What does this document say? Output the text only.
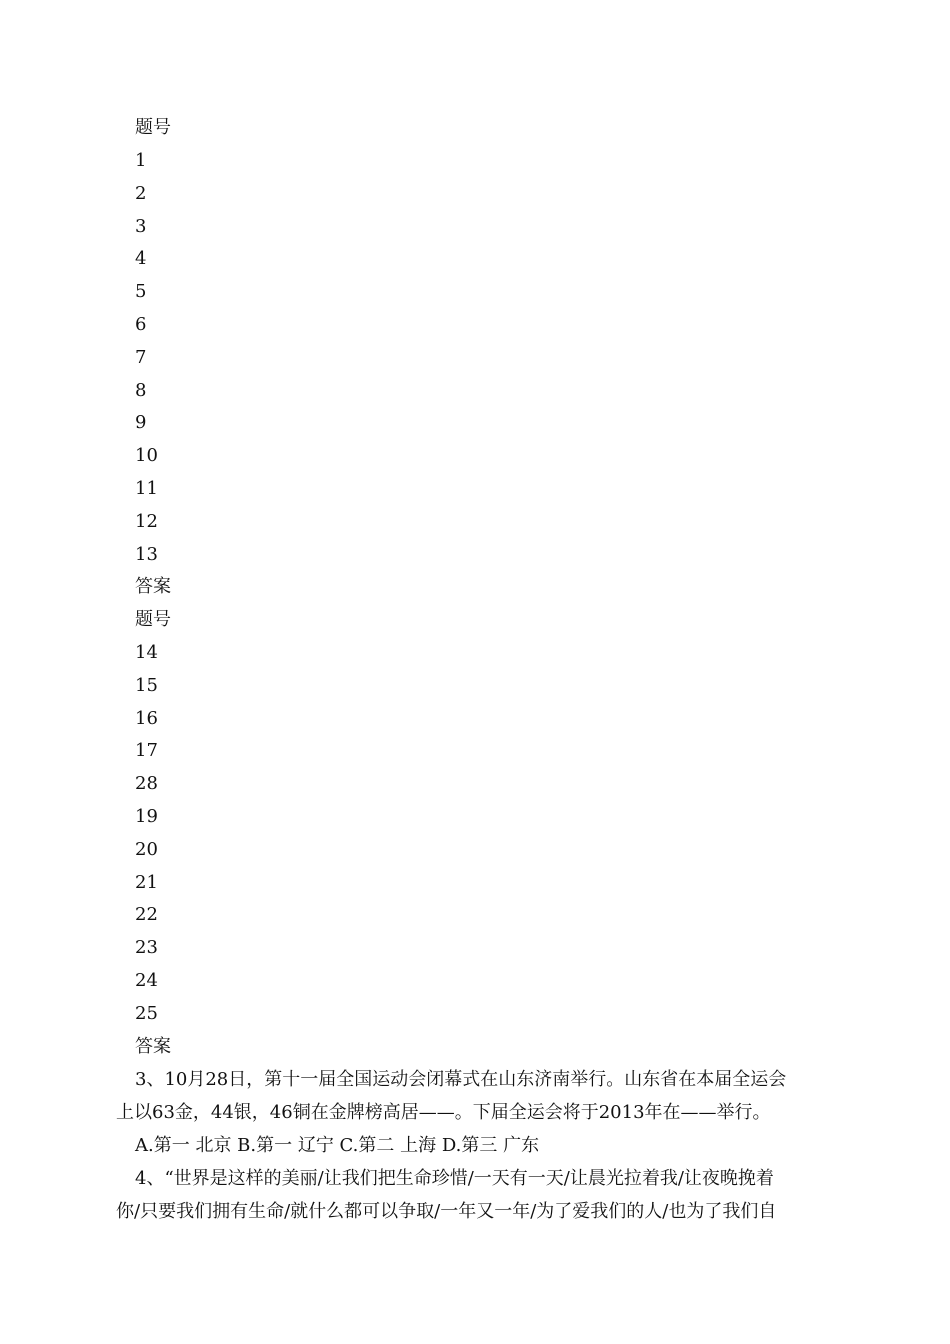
题号
1
2
3
4
5
6
7
8
9
10
11
12
13
答案
题号
14
15
16
17
28
19
20
21
22
23
24
25
答案
3、10月28日，第十一届全国运动会闭幕式在山东济南举行。山东省在本届全运会
上以63金，44银，46铜在金牌榜高居——。下届全运会将于2013年在——举行。
A.第一 北京 B.第一 辽宁 C.第二 上海 D.第三 广东
4、“世界是这样的美丽/让我们把生命珍惜/一天有一天/让晨光拉着我/让夜晚挽着
你/只要我们拥有生命/就什么都可以争取/一年又一年/为了爱我们的人/也为了我们自
